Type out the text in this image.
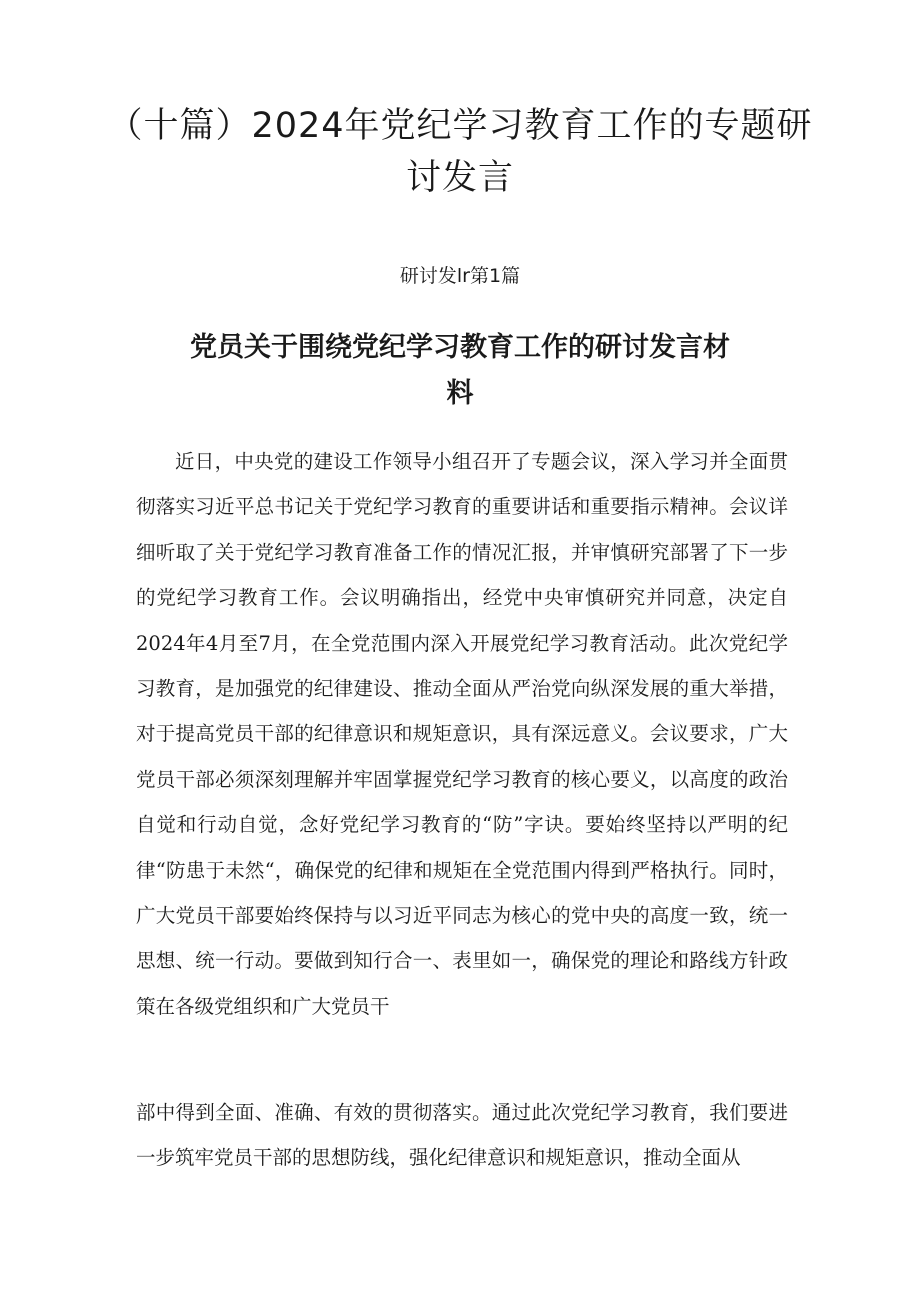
（十篇）2024年党纪学习教育工作的专题研讨发言
研讨发lr第1篇
党员关于围绕党纪学习教育工作的研讨发言材料

近日，中央党的建设工作领导小组召开了专题会议，深入学习并全面贯彻落实习近平总书记关于党纪学习教育的重要讲话和重要指示精神。会议详细听取了关于党纪学习教育准备工作的情况汇报，并审慎研究部署了下一步的党纪学习教育工作。会议明确指出，经党中央审慎研究并同意，决定自2024年4月至7月，在全党范围内深入开展党纪学习教育活动。此次党纪学习教育，是加强党的纪律建设、推动全面从严治党向纵深发展的重大举措，对于提高党员干部的纪律意识和规矩意识，具有深远意义。会议要求，广大党员干部必须深刻理解并牢固掌握党纪学习教育的核心要义，以高度的政治自觉和行动自觉，念好党纪学习教育的“防”字诀。要始终坚持以严明的纪律“防患于未然“，确保党的纪律和规矩在全党范围内得到严格执行。同时，广大党员干部要始终保持与以习近平同志为核心的党中央的高度一致，统一思想、统一行动。要做到知行合一、表里如一，确保党的理论和路线方针政策在各级党组织和广大党员干

部中得到全面、准确、有效的贯彻落实。通过此次党纪学习教育，我们要进一步筑牢党员干部的思想防线，强化纪律意识和规矩意识，推动全面从
